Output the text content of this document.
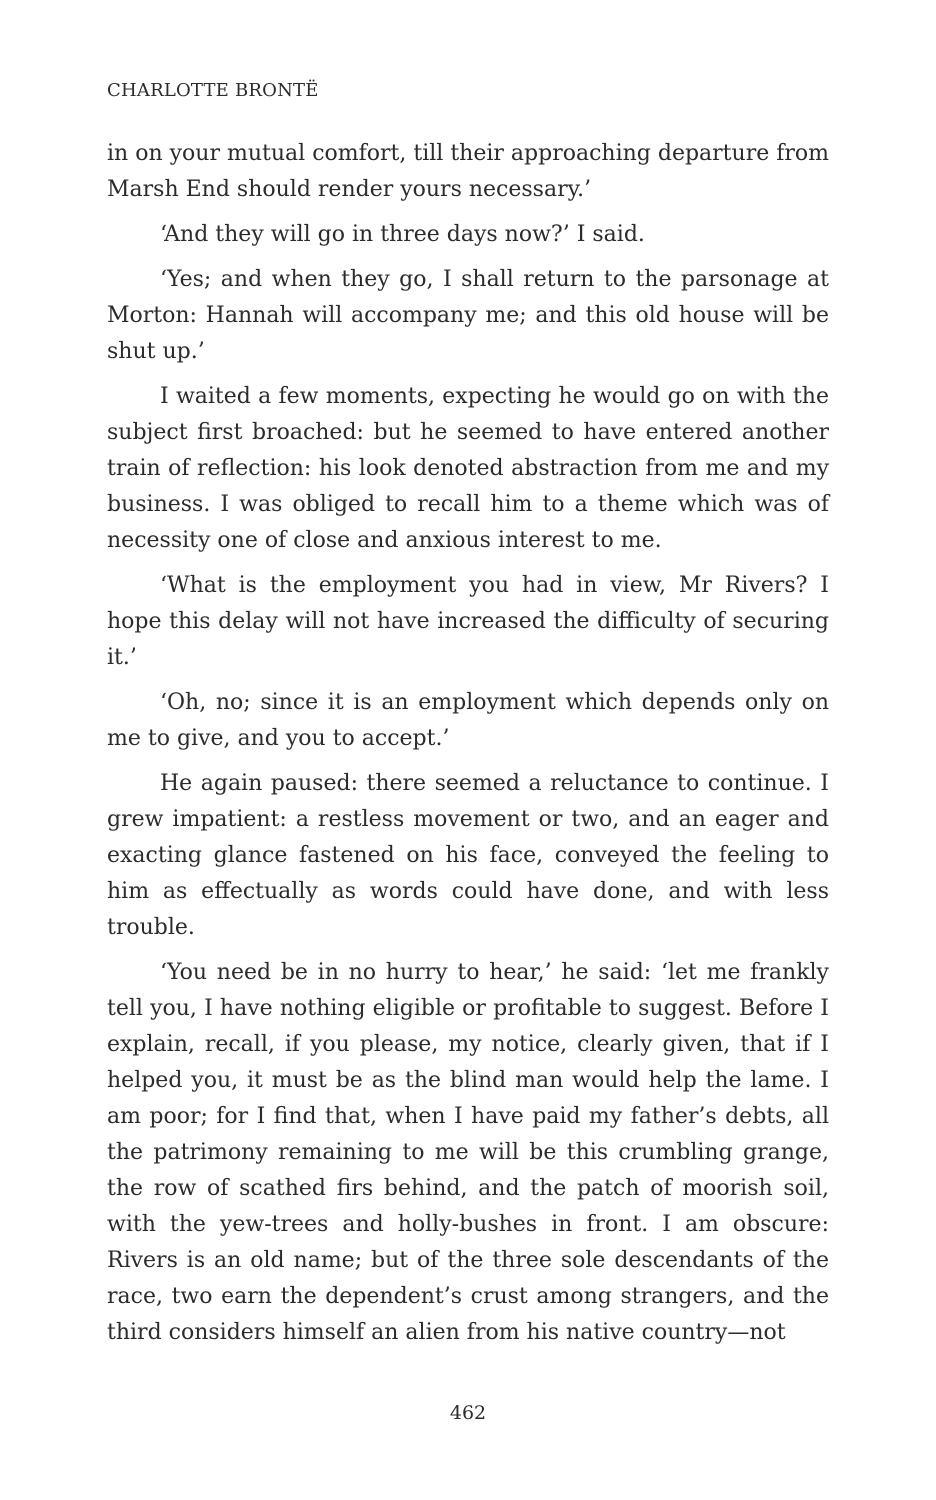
CHARLOTTE BRONTË

in on your mutual comfort, till their approaching departure from Marsh End should render yours necessary.’

‘And they will go in three days now?’ I said.

‘Yes; and when they go, I shall return to the parsonage at Morton: Hannah will accompany me; and this old house will be shut up.’

I waited a few moments, expecting he would go on with the subject first broached: but he seemed to have entered another train of reflection: his look denoted abstraction from me and my business. I was obliged to recall him to a theme which was of necessity one of close and anxious interest to me.

‘What is the employment you had in view, Mr Rivers? I hope this delay will not have increased the difficulty of securing it.’

‘Oh, no; since it is an employment which depends only on me to give, and you to accept.’

He again paused: there seemed a reluctance to continue. I grew impatient: a restless movement or two, and an eager and exacting glance fastened on his face, conveyed the feeling to him as effectually as words could have done, and with less trouble.

‘You need be in no hurry to hear,’ he said: ‘let me frankly tell you, I have nothing eligible or profitable to suggest. Before I explain, recall, if you please, my notice, clearly given, that if I helped you, it must be as the blind man would help the lame. I am poor; for I find that, when I have paid my father’s debts, all the patrimony remaining to me will be this crumbling grange, the row of scathed firs behind, and the patch of moorish soil, with the yew-trees and holly-bushes in front. I am obscure: Rivers is an old name; but of the three sole descendants of the race, two earn the dependent’s crust among strangers, and the third considers himself an alien from his native country—not

462
